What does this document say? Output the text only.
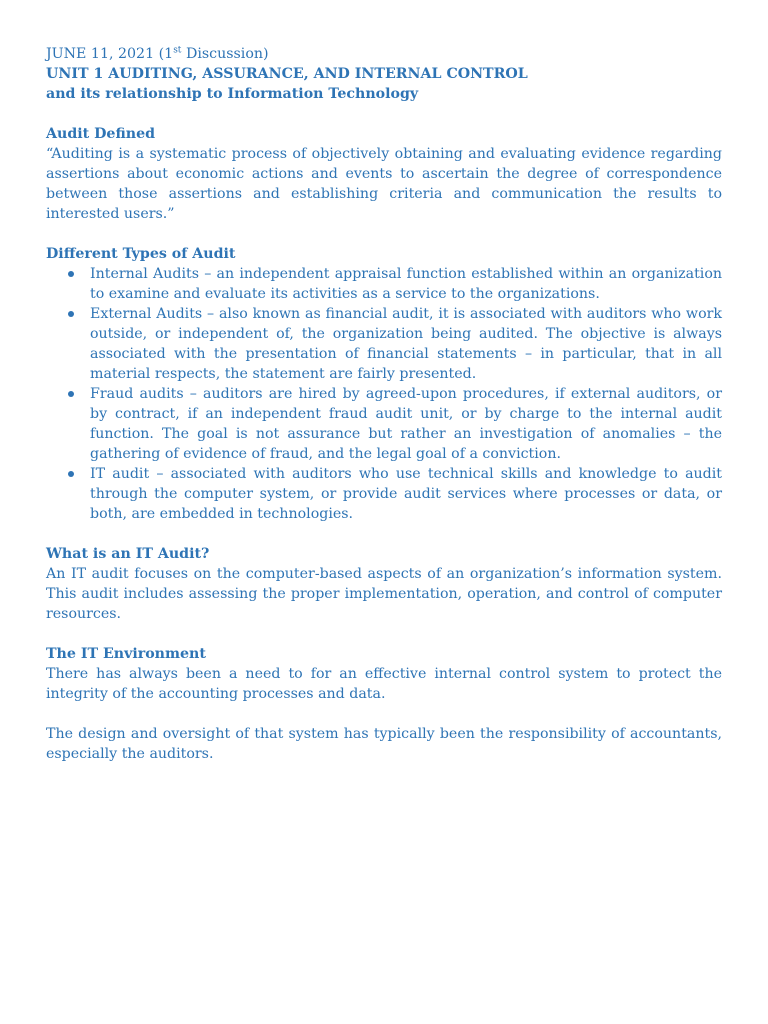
JUNE 11, 2021 (1st Discussion)
UNIT 1 AUDITING, ASSURANCE, AND INTERNAL CONTROL
and its relationship to Information Technology
Audit Defined
“Auditing is a systematic process of objectively obtaining and evaluating evidence regarding assertions about economic actions and events to ascertain the degree of correspondence between those assertions and establishing criteria and communication the results to interested users.”
Different Types of Audit
Internal Audits – an independent appraisal function established within an organization to examine and evaluate its activities as a service to the organizations.
External Audits – also known as financial audit, it is associated with auditors who work outside, or independent of, the organization being audited. The objective is always associated with the presentation of financial statements – in particular, that in all material respects, the statement are fairly presented.
Fraud audits – auditors are hired by agreed-upon procedures, if external auditors, or by contract, if an independent fraud audit unit, or by charge to the internal audit function. The goal is not assurance but rather an investigation of anomalies – the gathering of evidence of fraud, and the legal goal of a conviction.
IT audit – associated with auditors who use technical skills and knowledge to audit through the computer system, or provide audit services where processes or data, or both, are embedded in technologies.
What is an IT Audit?
An IT audit focuses on the computer-based aspects of an organization’s information system. This audit includes assessing the proper implementation, operation, and control of computer resources.
The IT Environment
There has always been a need to for an effective internal control system to protect the integrity of the accounting processes and data.
The design and oversight of that system has typically been the responsibility of accountants, especially the auditors.
